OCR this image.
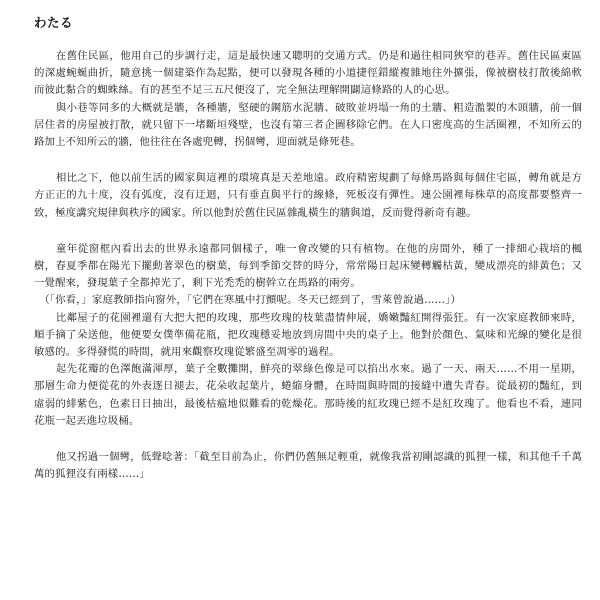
わたる

在舊住民區，他用自己的步調行走，這是最快速又聰明的交通方式。仍是和過往相同狹窄的巷弄。舊住民區東區的深處蜿蜒曲折，隨意挑一個建築作為起點，便可以發現各種的小道捷徑錯縱複雜地往外擴張，像被樹枝打散後綿軟而彼此黏合的蜘蛛絲。有的甚至不足三五尺便沒了，完全無法理解開闢這條路的人的心思。

與小巷等同多的大概就是牆，各種牆，堅硬的鋼筋水泥牆、破敗並坍塌一角的土牆、粗造濫製的木頭牆，前一個居住者的房屋被打散，就只留下一堵斷垣殘壁，也沒有第三者企圖移除它們。在人口密度高的生活圈裡，不知所云的路加上不知所云的牆，他往往在各處兜轉，拐個彎，迎面就是條死巷。

相比之下，他以前生活的國家與這裡的環境真是天差地遠。政府精密規劃了每條馬路與每個住宅區，轉角就是方方正正的九十度，沒有弧度，沒有迂迴，只有垂直與平行的線條，死板沒有彈性。連公園裡每株草的高度都要整齊一致，極度講究規律與秩序的國家。所以他對於舊住民區雜亂橫生的牆與道，反而覺得新奇有趣。

童年從窗框內看出去的世界永遠都同個樣子，唯一會改變的只有植物。在他的房間外，種了一排細心栽培的楓樹，春夏季都在陽光下擺動著翠色的樹葉，每到季節交替的時分，常常陽日起床變轉觸枯黃，變成漂亮的緋黃色；又一覺醒來，發現葉子全都掉光了，剩下光禿禿的樹幹立在馬路的兩旁。

（「你看，」家庭教師指向窗外，「它們在寒風中打顫呢。冬天已經到了，雪萊曾說過……」）

比鄰屋子的花園裡還有大把大把的玫瑰，那些玫瑰的枝葉盡情伸展，嬌嫩豔紅開得張狂。有一次家庭教師來時，順手摘了朵送他，他便要女僕準備花瓶，把玫瑰穩妥地放到房間中央的桌子上。他對於顏色、氣味和光線的變化是很敏感的。多得發慌的時間，就用來觀察玫瑰從繁盛至凋零的過程。

起先花瓣的色澤飽滿渾厚，葉子全數攤開，鮮亮的翠綠色像是可以掐出水來。過了一天、兩天……不用一星期，那層生命力便從花的外表逐日褪去，花朵收起葉片，蜷縮身體，在時間與時間的接縫中遺失青春。從最初的豔紅，到虛弱的緋紫色，色素日日抽出，最後枯瘟地似難看的乾燥花。那時後的紅玫瑰已經不是紅玫瑰了。他看也不看，連同花瓶一起丟進垃圾桶。

他又拐過一個彎，低聲唸著：「截至目前為止，你們仍舊無足輕重，就像我當初剛認識的狐狸一樣，和其他千千萬萬的狐狸沒有兩樣……」
